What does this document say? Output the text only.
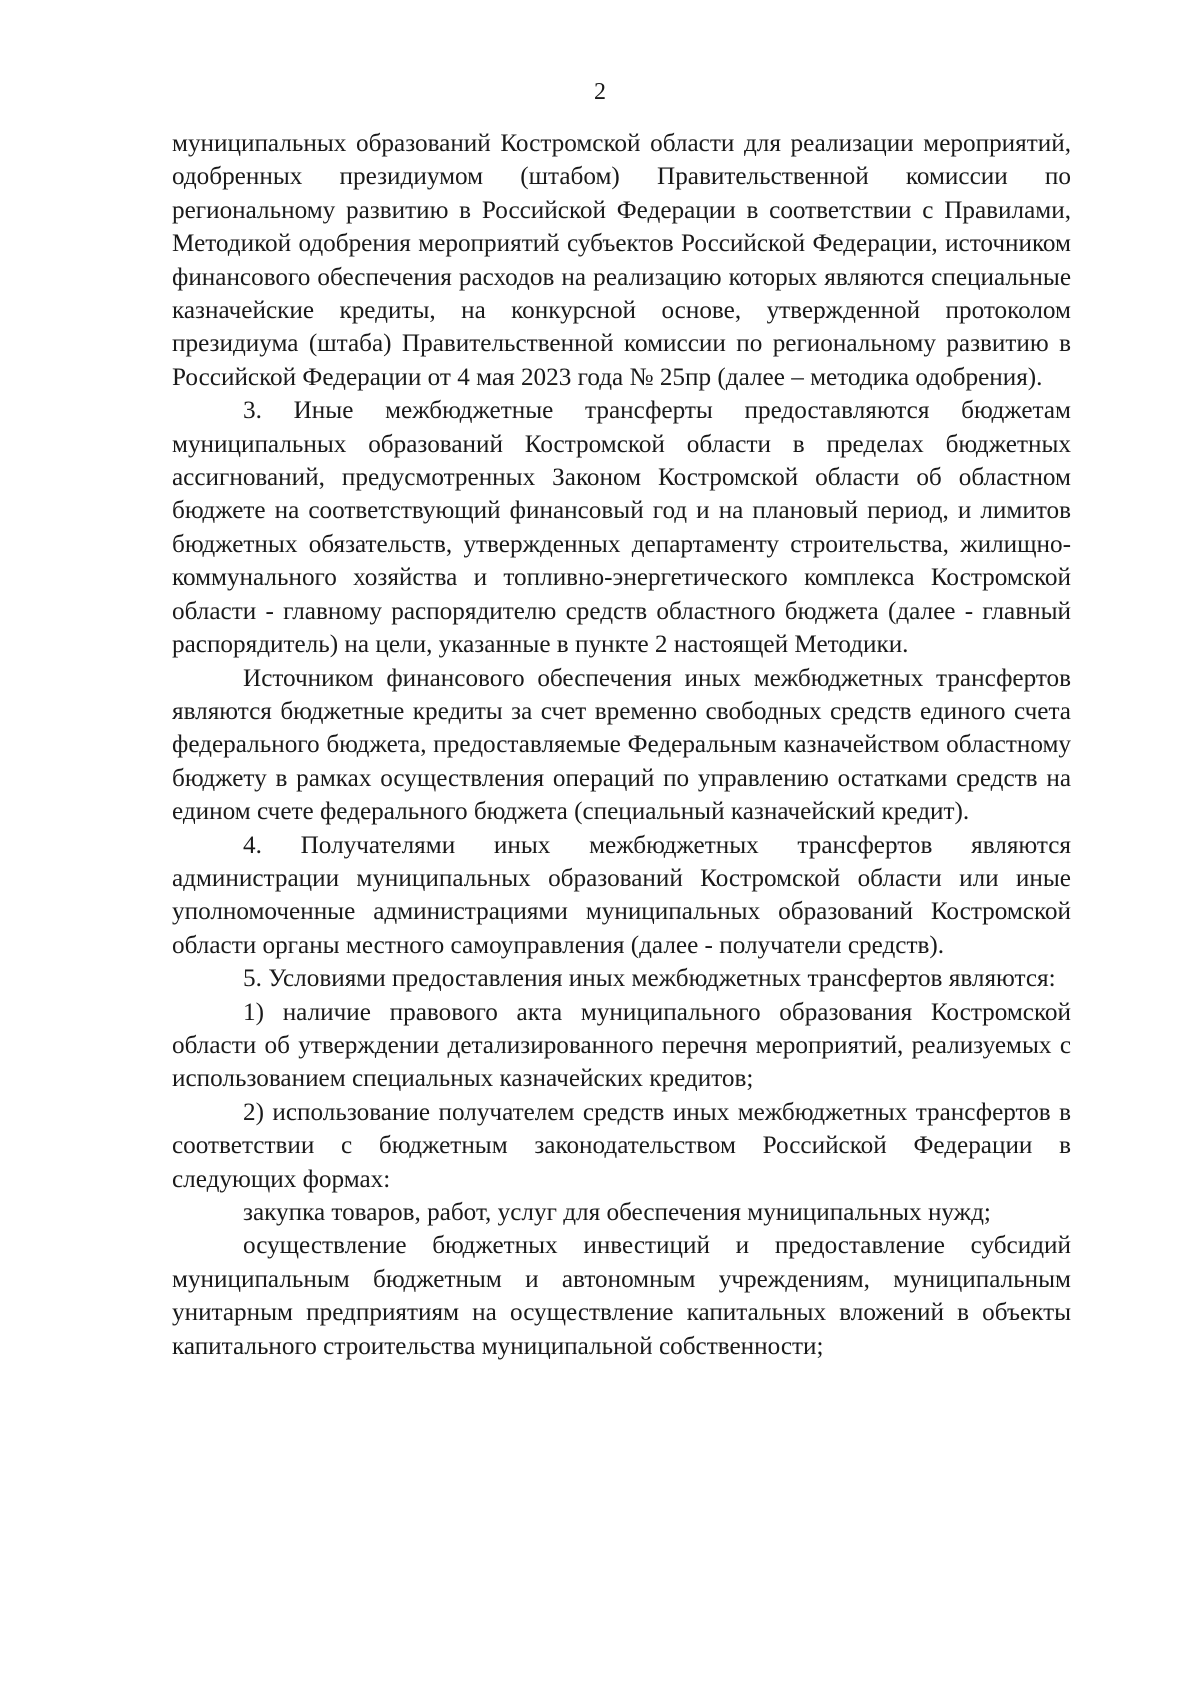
2

муниципальных образований Костромской области для реализации мероприятий, одобренных президиумом (штабом) Правительственной комиссии по региональному развитию в Российской Федерации в соответствии с Правилами, Методикой одобрения мероприятий субъектов Российской Федерации, источником финансового обеспечения расходов на реализацию которых являются специальные казначейские кредиты, на конкурсной основе, утвержденной протоколом президиума (штаба) Правительственной комиссии по региональному развитию в Российской Федерации от 4 мая 2023 года № 25пр (далее – методика одобрения).

3. Иные межбюджетные трансферты предоставляются бюджетам муниципальных образований Костромской области в пределах бюджетных ассигнований, предусмотренных Законом Костромской области об областном бюджете на соответствующий финансовый год и на плановый период, и лимитов бюджетных обязательств, утвержденных департаменту строительства, жилищно-коммунального хозяйства и топливно-энергетического комплекса Костромской области - главному распорядителю средств областного бюджета (далее - главный распорядитель) на цели, указанные в пункте 2 настоящей Методики.

Источником финансового обеспечения иных межбюджетных трансфертов являются бюджетные кредиты за счет временно свободных средств единого счета федерального бюджета, предоставляемые Федеральным казначейством областному бюджету в рамках осуществления операций по управлению остатками средств на едином счете федерального бюджета (специальный казначейский кредит).

4. Получателями иных межбюджетных трансфертов являются администрации муниципальных образований Костромской области или иные уполномоченные администрациями муниципальных образований Костромской области органы местного самоуправления (далее - получатели средств).

5. Условиями предоставления иных межбюджетных трансфертов являются:

1) наличие правового акта муниципального образования Костромской области об утверждении детализированного перечня мероприятий, реализуемых с использованием специальных казначейских кредитов;

2) использование получателем средств иных межбюджетных трансфертов в соответствии с бюджетным законодательством Российской Федерации в следующих формах:

закупка товаров, работ, услуг для обеспечения муниципальных нужд;

осуществление бюджетных инвестиций и предоставление субсидий муниципальным бюджетным и автономным учреждениям, муниципальным унитарным предприятиям на осуществление капитальных вложений в объекты капитального строительства муниципальной собственности;
